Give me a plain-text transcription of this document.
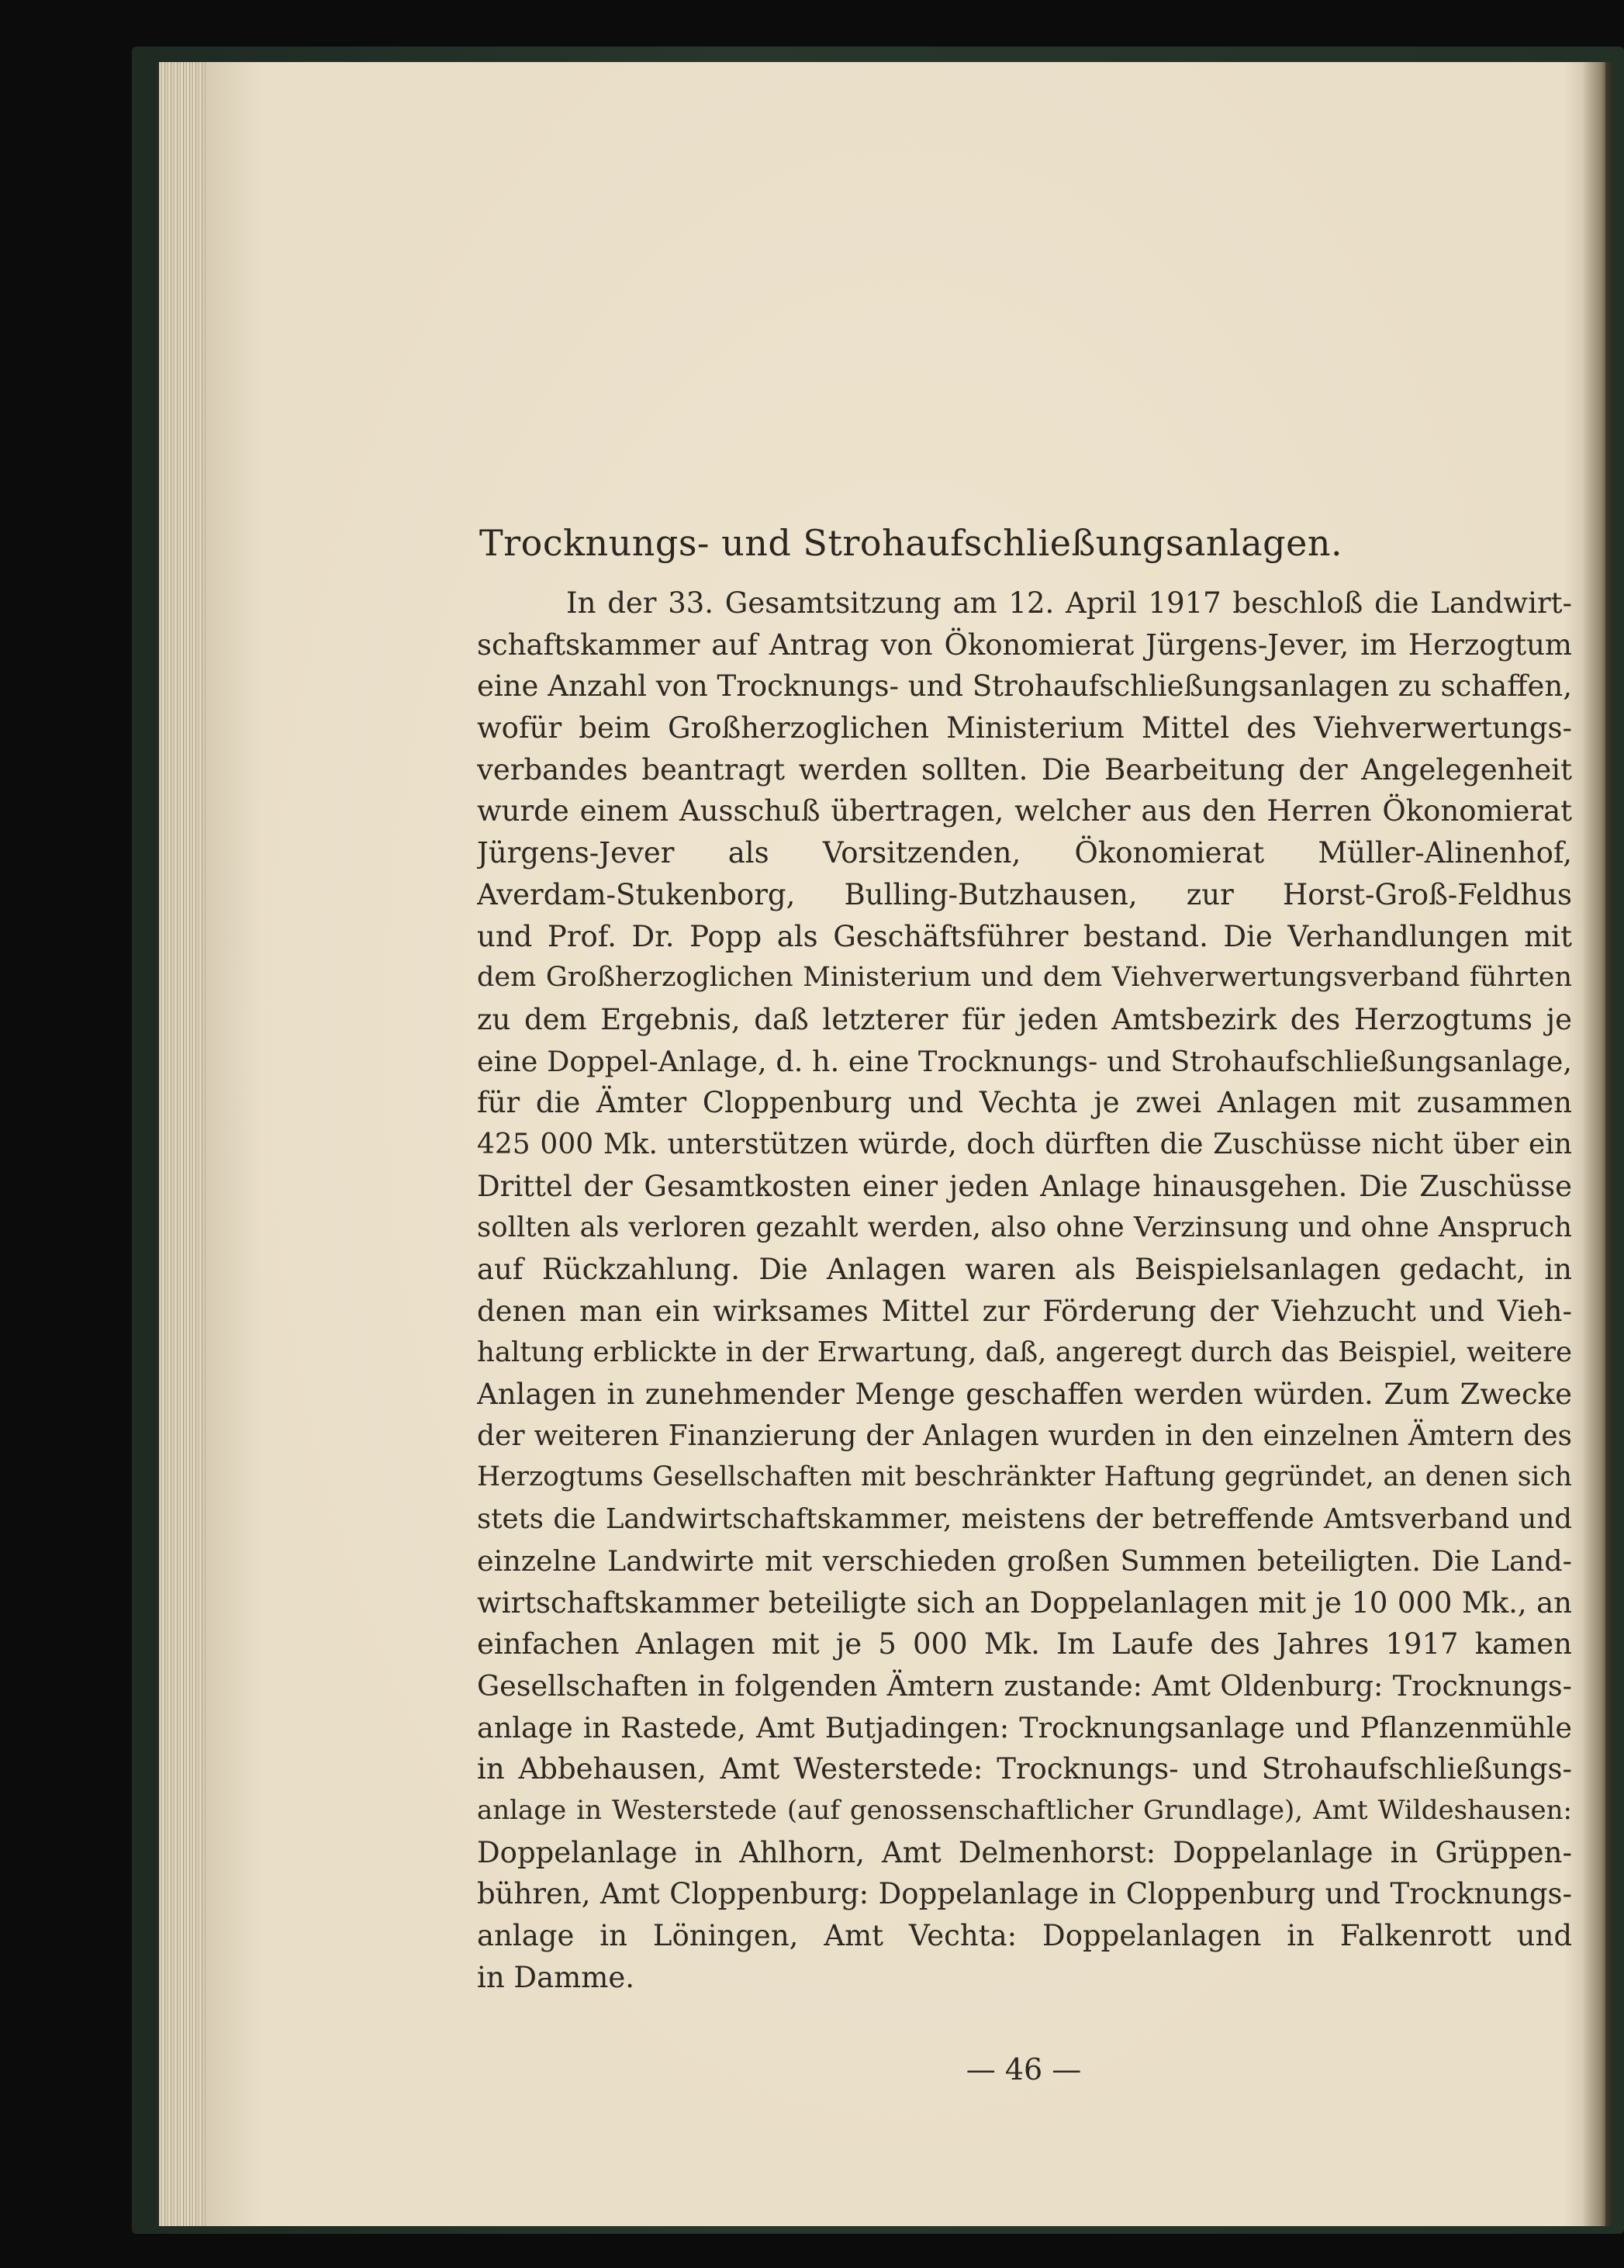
Trocknungs- und Strohaufschließungsanlagen.
In der 33. Gesamtsitzung am 12. April 1917 beschloß die Landwirt-
schaftskammer auf Antrag von Ökonomierat Jürgens-Jever, im Herzogtum
eine Anzahl von Trocknungs- und Strohaufschließungsanlagen zu schaffen,
wofür beim Großherzoglichen Ministerium Mittel des Viehverwertungs-
verbandes beantragt werden sollten. Die Bearbeitung der Angelegenheit
wurde einem Ausschuß übertragen, welcher aus den Herren Ökonomierat
Jürgens-Jever als Vorsitzenden, Ökonomierat Müller-Alinenhof,
Averdam-Stukenborg, Bulling-Butzhausen, zur Horst-Groß-Feldhus
und Prof. Dr. Popp als Geschäftsführer bestand. Die Verhandlungen mit
dem Großherzoglichen Ministerium und dem Viehverwertungsverband führten
zu dem Ergebnis, daß letzterer für jeden Amtsbezirk des Herzogtums je
eine Doppel-Anlage, d. h. eine Trocknungs- und Strohaufschließungsanlage,
für die Ämter Cloppenburg und Vechta je zwei Anlagen mit zusammen
425 000 Mk. unterstützen würde, doch dürften die Zuschüsse nicht über ein
Drittel der Gesamtkosten einer jeden Anlage hinausgehen. Die Zuschüsse
sollten als verloren gezahlt werden, also ohne Verzinsung und ohne Anspruch
auf Rückzahlung. Die Anlagen waren als Beispielsanlagen gedacht, in
denen man ein wirksames Mittel zur Förderung der Viehzucht und Vieh-
haltung erblickte in der Erwartung, daß, angeregt durch das Beispiel, weitere
Anlagen in zunehmender Menge geschaffen werden würden. Zum Zwecke
der weiteren Finanzierung der Anlagen wurden in den einzelnen Ämtern des
Herzogtums Gesellschaften mit beschränkter Haftung gegründet, an denen sich
stets die Landwirtschaftskammer, meistens der betreffende Amtsverband und
einzelne Landwirte mit verschieden großen Summen beteiligten. Die Land-
wirtschaftskammer beteiligte sich an Doppelanlagen mit je 10 000 Mk., an
einfachen Anlagen mit je 5 000 Mk. Im Laufe des Jahres 1917 kamen
Gesellschaften in folgenden Ämtern zustande: Amt Oldenburg: Trocknungs-
anlage in Rastede, Amt Butjadingen: Trocknungsanlage und Pflanzenmühle
in Abbehausen, Amt Westerstede: Trocknungs- und Strohaufschließungs-
anlage in Westerstede (auf genossenschaftlicher Grundlage), Amt Wildeshausen:
Doppelanlage in Ahlhorn, Amt Delmenhorst: Doppelanlage in Grüppen-
bühren, Amt Cloppenburg: Doppelanlage in Cloppenburg und Trocknungs-
anlage in Löningen, Amt Vechta: Doppelanlagen in Falkenrott und
in Damme.
— 46 —
